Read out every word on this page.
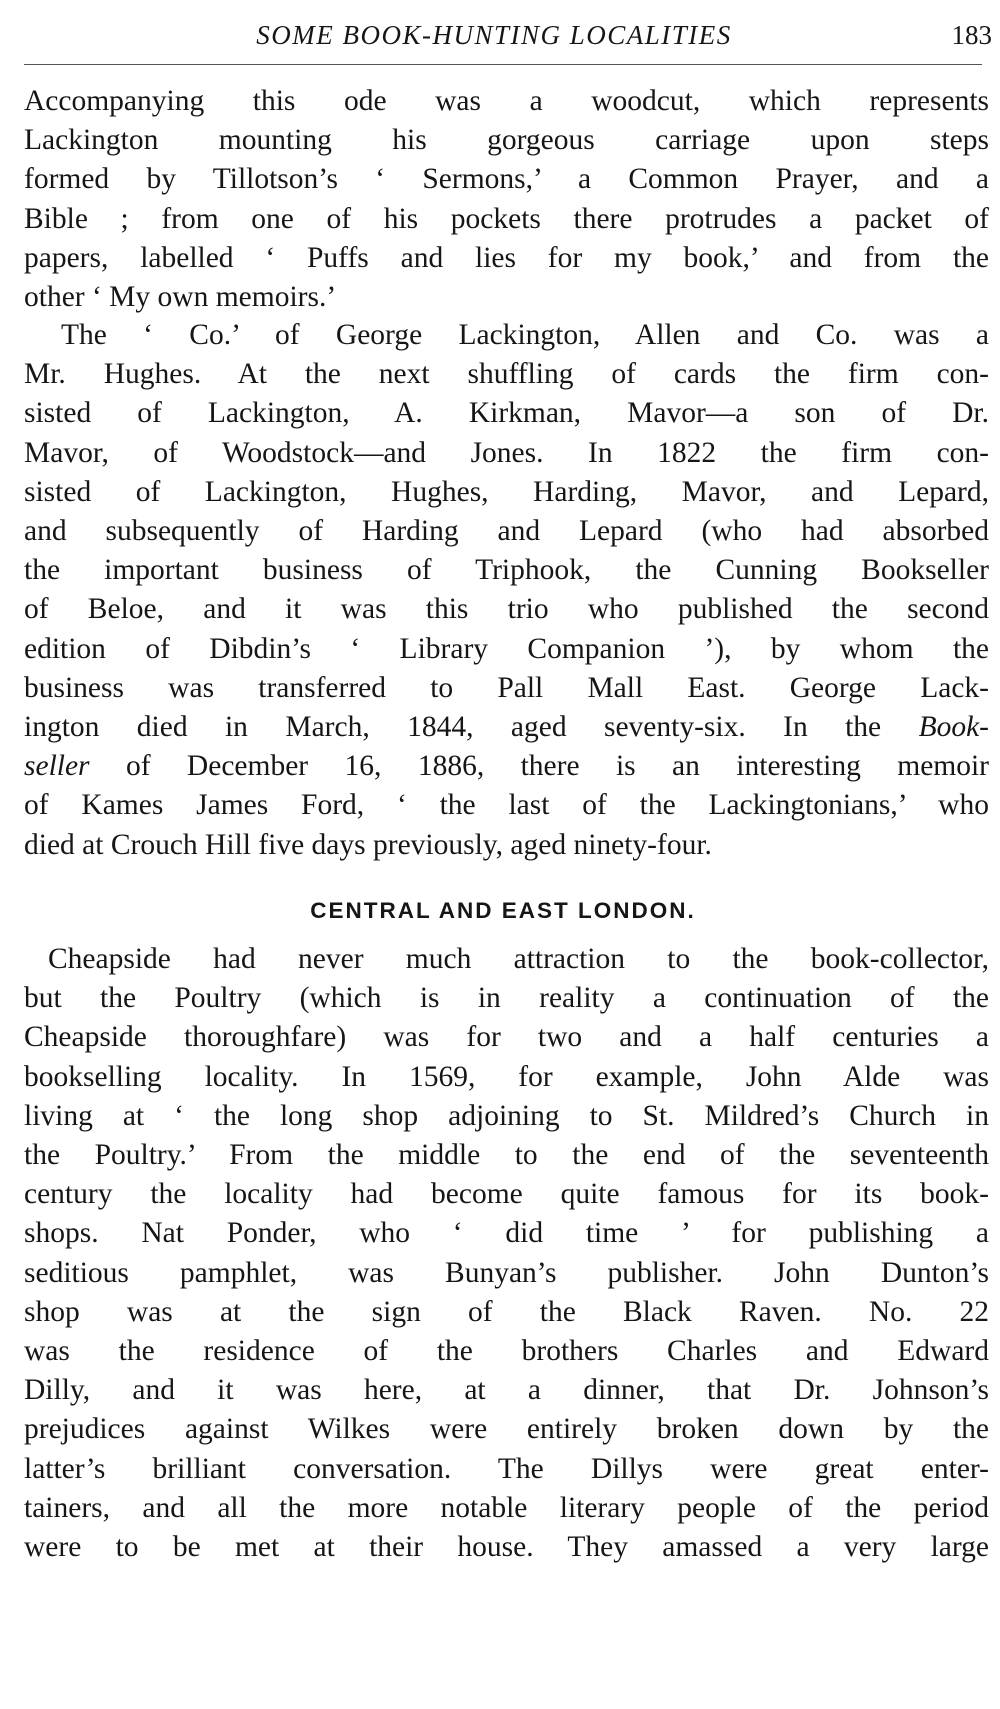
SOME BOOK-HUNTING LOCALITIES	183
Accompanying this ode was a woodcut, which represents
Lackington mounting his gorgeous carriage upon steps
formed by Tillotson’s ‘ Sermons,’ a Common Prayer, and a
Bible ; from one of his pockets there protrudes a packet of
papers, labelled ‘ Puffs and lies for my book,’ and from the
other ‘ My own memoirs.’
The ‘ Co.’ of George Lackington, Allen and Co. was a
Mr. Hughes. At the next shuffling of cards the firm con-
sisted of Lackington, A. Kirkman, Mavor—a son of Dr.
Mavor, of Woodstock—and Jones. In 1822 the firm con-
sisted of Lackington, Hughes, Harding, Mavor, and Lepard,
and subsequently of Harding and Lepard (who had absorbed
the important business of Triphook, the Cunning Bookseller
of Beloe, and it was this trio who published the second
edition of Dibdin’s ‘ Library Companion ’), by whom the
business was transferred to Pall Mall East. George Lack-
ington died in March, 1844, aged seventy-six. In the Book-
seller of December 16, 1886, there is an interesting memoir
of Kames James Ford, ‘ the last of the Lackingtonians,’ who
died at Crouch Hill five days previously, aged ninety-four.
CENTRAL AND EAST LONDON.
Cheapside had never much attraction to the book-collector,
but the Poultry (which is in reality a continuation of the
Cheapside thoroughfare) was for two and a half centuries a
bookselling locality. In 1569, for example, John Alde was
living at ‘ the long shop adjoining to St. Mildred’s Church in
the Poultry.’ From the middle to the end of the seventeenth
century the locality had become quite famous for its book-
shops. Nat Ponder, who ‘ did time ’ for publishing a
seditious pamphlet, was Bunyan’s publisher. John Dunton’s
shop was at the sign of the Black Raven. No. 22
was the residence of the brothers Charles and Edward
Dilly, and it was here, at a dinner, that Dr. Johnson’s
prejudices against Wilkes were entirely broken down by the
latter’s brilliant conversation. The Dillys were great enter-
tainers, and all the more notable literary people of the period
were to be met at their house. They amassed a very large
